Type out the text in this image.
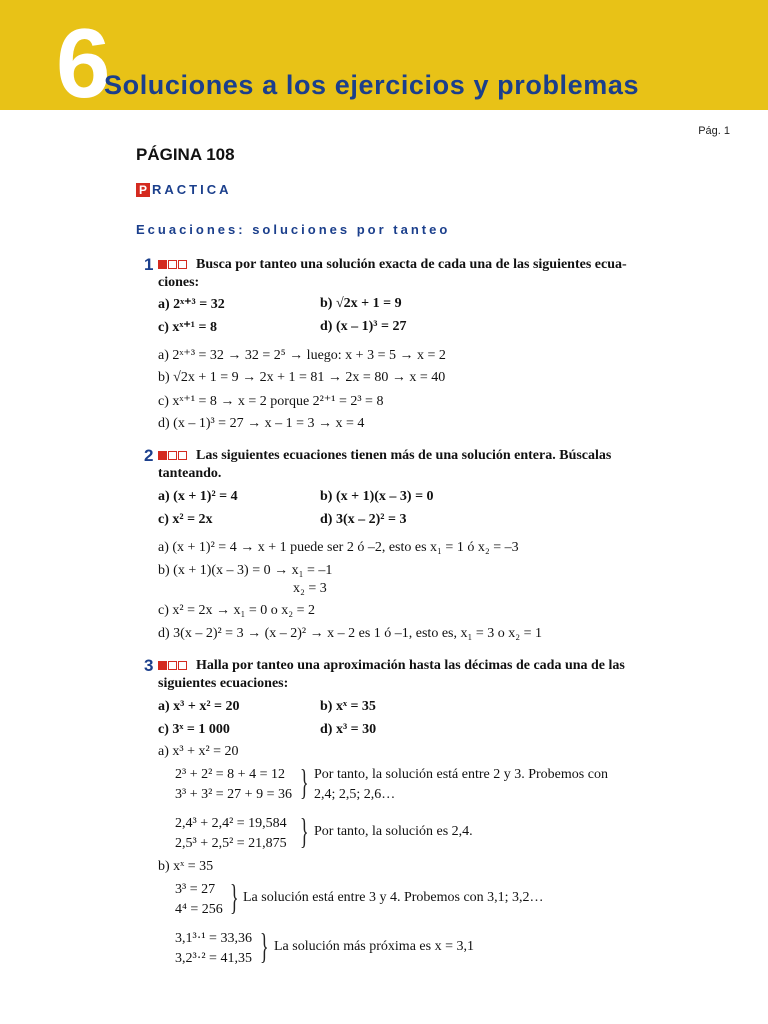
6
Soluciones a los ejercicios y problemas
Pág. 1
PÁGINA 108
P RACTICA
Ecuaciones: soluciones por tanteo
1	Busca por tanteo una solución exacta de cada una de las siguientes ecua-
ciones:
a) 2ˣ⁺³ = 32	b) √2x + 1 = 9
c) xˣ⁺¹ = 8	d) (x – 1)³ = 27
a) 2ˣ⁺³ = 32 → 32 = 2⁵ → luego: x + 3 = 5 → x = 2
b) √2x + 1 = 9 → 2x + 1 = 81 → 2x = 80 → x = 40
c) xˣ⁺¹ = 8 → x = 2 porque 2²⁺¹ = 2³ = 8
d) (x – 1)³ = 27 → x – 1 = 3 → x = 4
2	Las siguientes ecuaciones tienen más de una solución entera. Búscalas
tanteando.
a) (x + 1)² = 4	b) (x + 1)(x – 3) = 0
c) x² = 2x	d) 3(x – 2)² = 3
a) (x + 1)² = 4 → x + 1 puede ser 2 ó –2, esto es x₁ = 1 ó x₂ = –3
b) (x + 1)(x – 3) = 0 → x₁ = –1
x₂ = 3
c) x² = 2x → x₁ = 0 o x₂ = 2
d) 3(x – 2)² = 3 → (x – 2)² → x – 2 es 1 ó –1, esto es, x₁ = 3 o x₂ = 1
3	Halla por tanteo una aproximación hasta las décimas de cada una de las
siguientes ecuaciones:
a) x³ + x² = 20	b) xˣ = 35
c) 3ˣ = 1 000	d) x³ = 30
a) x³ + x² = 20
2³ + 2² = 8 + 4 = 12
3³ + 3² = 27 + 9 = 36 } Por tanto, la solución está entre 2 y 3. Probemos con
2,4; 2,5; 2,6…
2,4³ + 2,4² = 19,584
2,5³ + 2,5² = 21,875 } Por tanto, la solución es 2,4.
b) xˣ = 35
3³ = 27
4⁴ = 256 } La solución está entre 3 y 4. Probemos con 3,1; 3,2…
3,1³·¹ = 33,36
3,2³·² = 41,35 } La solución más próxima es x = 3,1
